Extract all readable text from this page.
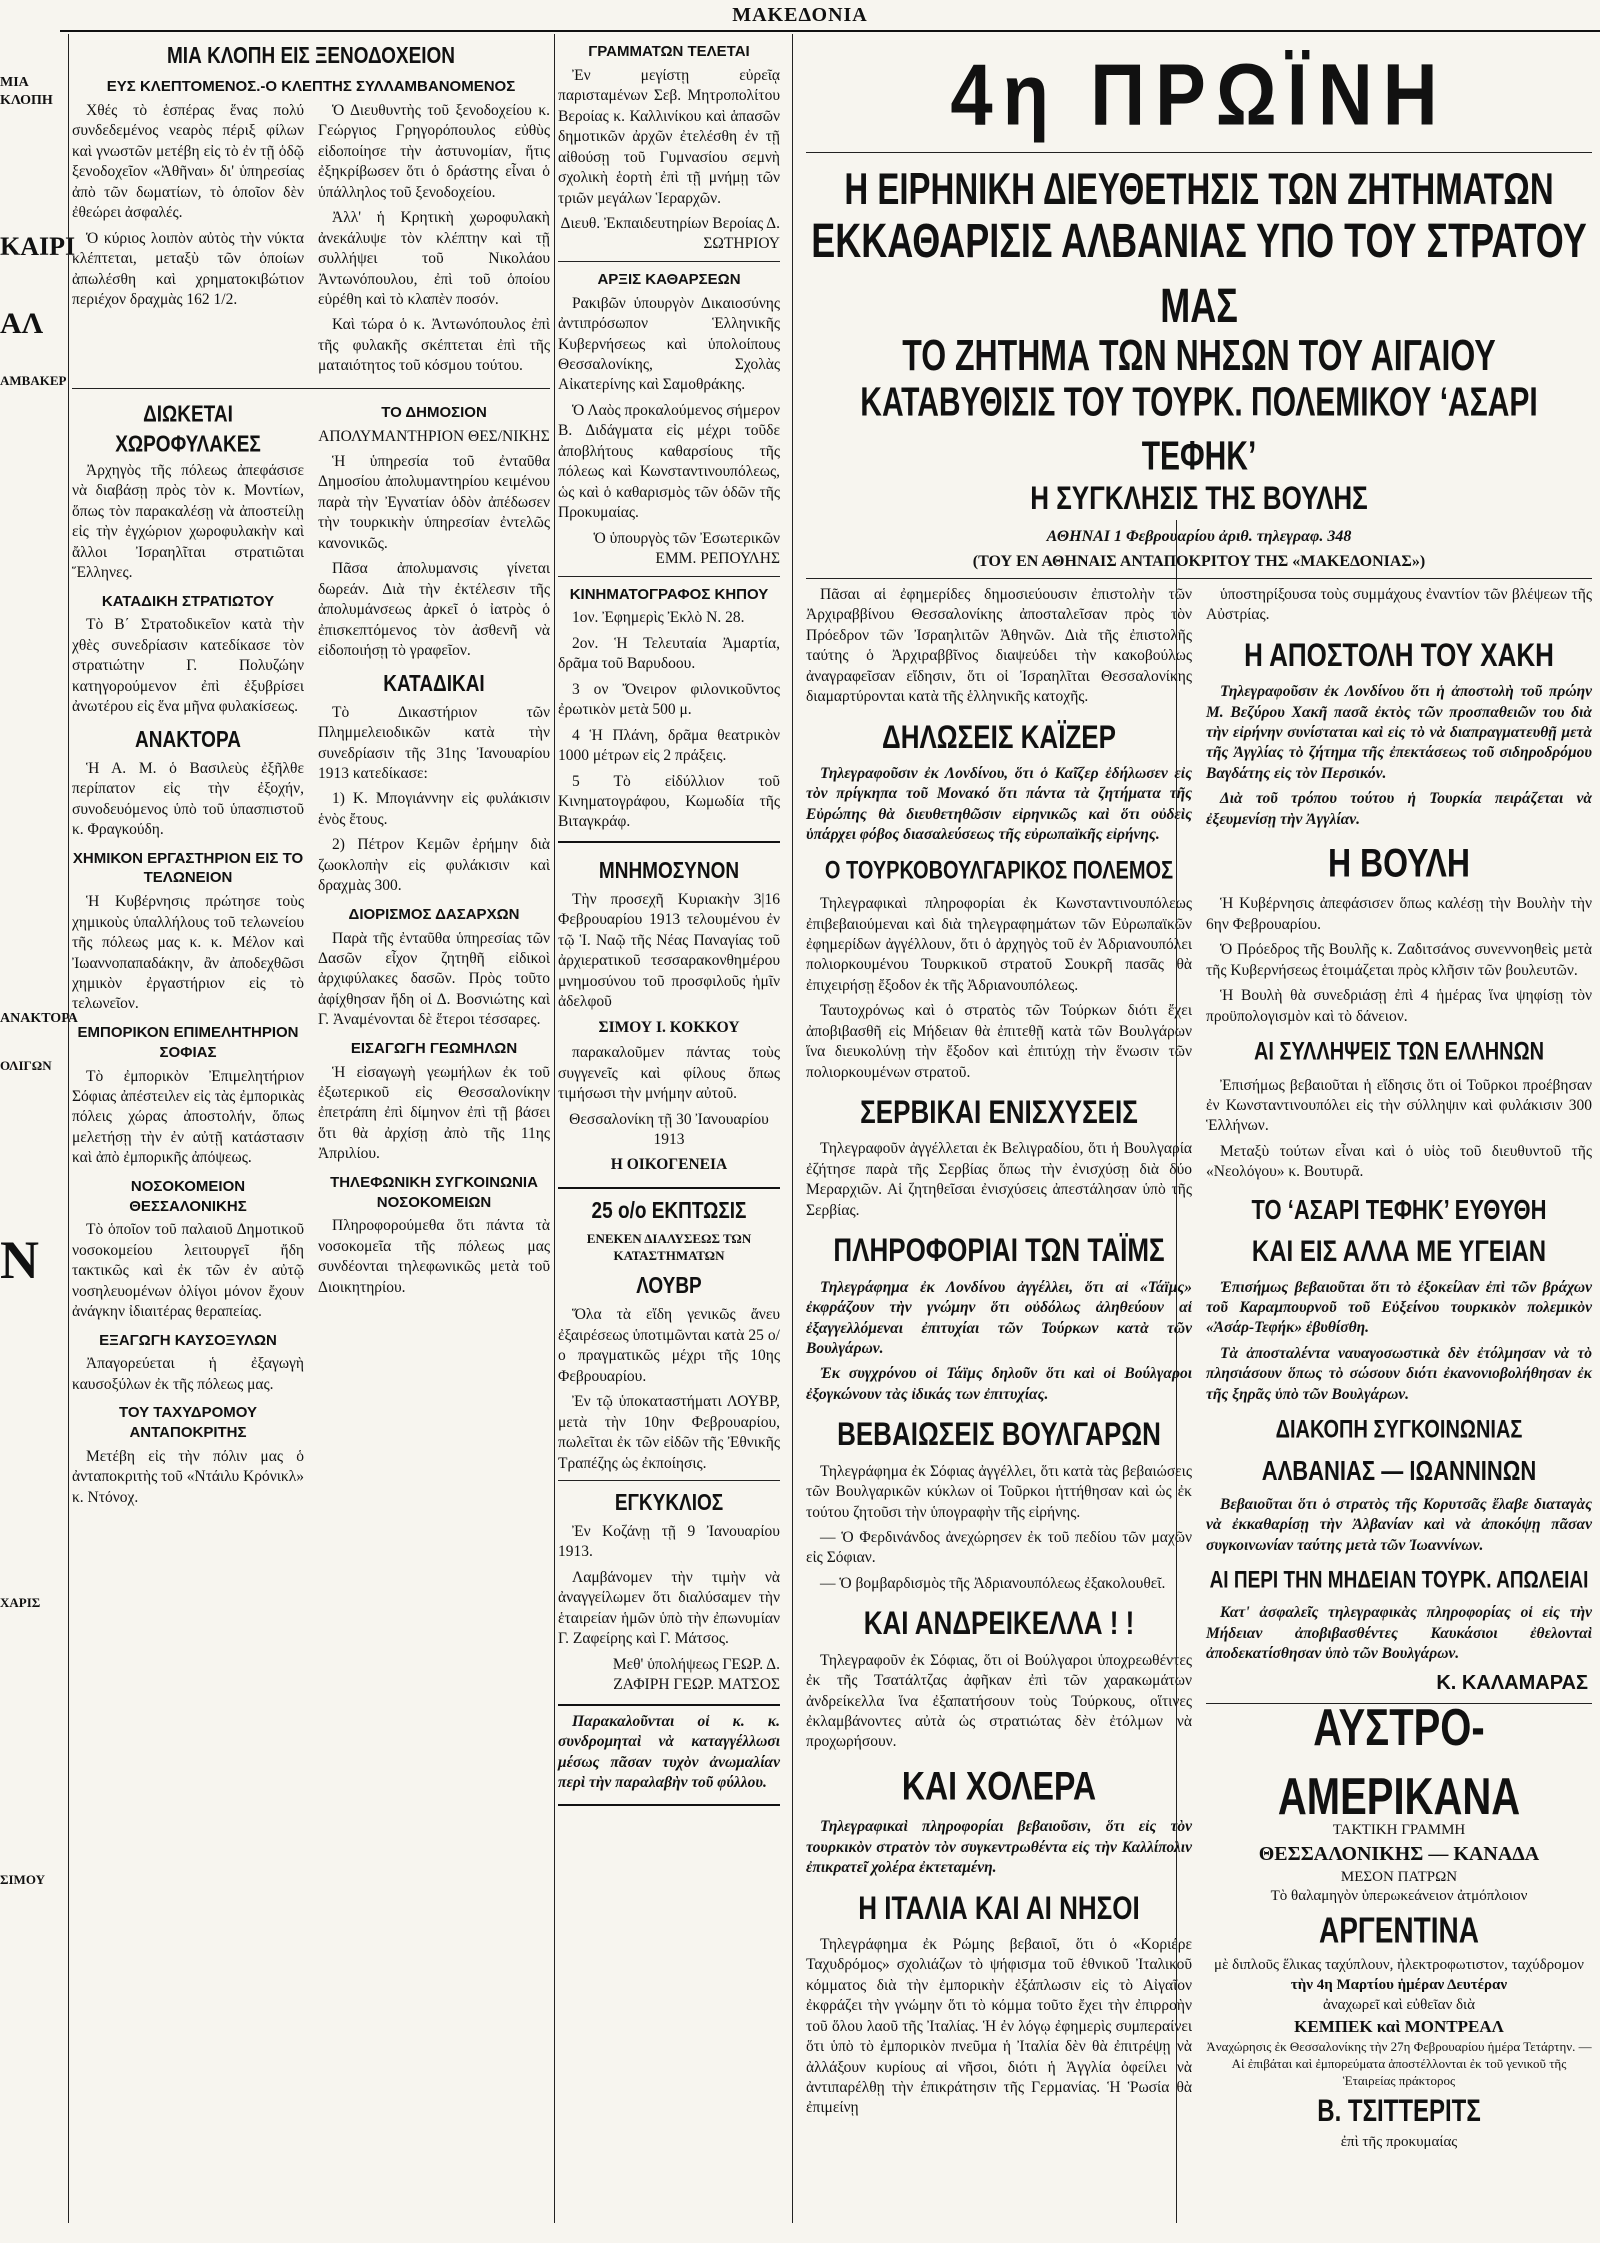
ΜΑΚΕΔΟΝΙΑ
ΜΙΑ ΚΛΟΠΗ
ΚΑΙΡΙ
ΑΛ
ΑΜΒΑΚΕΡ
ΑΝΑΚΤΟΡΑ
ΟΛΙΓΩΝ
N
ΧΑΡΙΣ
ΣΙΜΟΥ
ΜΙΑ ΚΛΟΠΗ ΕΙΣ ΞΕΝΟΔΟΧΕΙΟΝ
ΕΥΣ ΚΛΕΠΤΟΜΕΝΟΣ.-Ο ΚΛΕΠΤΗΣ ΣΥΛΛΑΜΒΑΝΟΜΕΝΟΣ

Χθές τὸ ἑσπέρας ἕνας πολύ συνδεδεμένος νεαρὸς πέριξ φίλων καὶ γνωστῶν μετέβη εἰς τὸ ἐν τῇ ὁδῷ ξενοδοχεῖον «Ἀθῆναι» δι' ὑπηρεσίας ἀπὸ τῶν δωματίων, τὸ ὁποῖον δὲν ἐθεώρει ἀσφαλές.

Ὁ κύριος λοιπὸν αὐτὸς τὴν νύκτα κλέπτεται, μεταξὺ τῶν ὁποίων ἀπωλέσθη καὶ χρηματοκιβώτιον περιέχον δραχμὰς 162 1/2.

Ὁ Διευθυντὴς τοῦ ξενοδοχείου κ. Γεώργιος Γρηγορόπουλος εὐθὺς εἰδοποίησε τὴν ἀστυνομίαν, ἥτις ἐξηκρίβωσεν ὅτι ὁ δράστης εἶναι ὁ ὑπάλληλος τοῦ ξενοδοχείου.

Ἀλλ' ἡ Κρητικὴ χωροφυλακὴ ἀνεκάλυψε τὸν κλέπτην καὶ τῇ συλλήψει τοῦ Νικολάου Ἀντωνόπουλου, ἐπὶ τοῦ ὁποίου εὑρέθη καὶ τὸ κλαπὲν ποσόν.

Καὶ τώρα ὁ κ. Ἀντωνόπουλος ἐπὶ τῆς φυλακῆς σκέπτεται ἐπὶ τῆς ματαιότητος τοῦ κόσμου τούτου.

ΔΙΩΚΕΤΑΙ ΧΩΡΟΦΥΛΑΚΕΣ

Ἀρχηγὸς τῆς πόλεως ἀπεφάσισε νὰ διαβάσῃ πρὸς τὸν κ. Μοντίων, ὅπως τὸν παρακαλέσῃ νὰ ἀποστείλῃ εἰς τὴν ἐγχώριον χωροφυλακὴν καὶ ἄλλοι Ἰσραηλῖται στρατιῶται Ἕλληνες.

ΚΑΤΑΔΙΚΗ ΣΤΡΑΤΙΩΤΟΥ

Τὸ Β΄ Στρατοδικεῖον κατὰ τὴν χθὲς συνεδρίασιν κατεδίκασε τὸν στρατιώτην Γ. Πολυζώην κατηγορούμενον ἐπὶ ἐξυβρίσει ἀνωτέρου εἰς ἕνα μῆνα φυλακίσεως.

ΑΝΑΚΤΟΡΑ

Ἡ Α. Μ. ὁ Βασιλεὺς ἐξῆλθε περίπατον εἰς τὴν ἐξοχήν, συνοδευόμενος ὑπὸ τοῦ ὑπασπιστοῦ κ. Φραγκούδη.

ΧΗΜΙΚΟΝ ΕΡΓΑΣΤΗΡΙΟΝ ΕΙΣ ΤΟ ΤΕΛΩΝΕΙΟΝ

Ἡ Κυβέρνησις πρώτησε τοὺς χημικοὺς ὑπαλλήλους τοῦ τελωνείου τῆς πόλεως μας κ. κ. Μέλον καὶ Ἰωαννοπαπαδάκην, ἂν ἀποδεχθῶσι χημικὸν ἐργαστήριον εἰς τὸ τελωνεῖον.

ΕΜΠΟΡΙΚΟΝ ΕΠΙΜΕΛΗΤΗΡΙΟΝ ΣΟΦΙΑΣ

Τὸ ἐμπορικὸν Ἐπιμελητήριον Σόφιας ἀπέστειλεν εἰς τὰς ἐμπορικὰς πόλεις χώρας ἀποστολήν, ὅπως μελετήσῃ τὴν ἐν αὐτῇ κατάστασιν καὶ ἀπὸ ἐμπορικῆς ἀπόψεως.

ΝΟΣΟΚΟΜΕΙΟΝ ΘΕΣΣΑΛΟΝΙΚΗΣ

Τὸ ὁποῖον τοῦ παλαιοῦ Δημοτικοῦ νοσοκομείου λειτουργεῖ ἤδη τακτικῶς καὶ ἐκ τῶν ἐν αὐτῷ νοσηλευομένων ὀλίγοι μόνον ἔχουν ἀνάγκην ἰδιαιτέρας θεραπείας.

ΕΞΑΓΩΓΗ ΚΑΥΣΟΞΥΛΩΝ

Ἀπαγορεύεται ἡ ἐξαγωγὴ καυσοξύλων ἐκ τῆς πόλεως μας.

ΤΟΥ ΤΑΧΥΔΡΟΜΟΥ ΑΝΤΑΠΟΚΡΙΤΗΣ

Μετέβη εἰς τὴν πόλιν μας ὁ ἀνταποκριτὴς τοῦ «Ντάιλυ Κρόνικλ» κ. Ντόνοχ.

ΤΟ ΔΗΜΟΣΙΟΝ

ΑΠΟΛΥΜΑΝΤΗΡΙΟΝ ΘΕΣ/ΝΙΚΗΣ

Ἡ ὑπηρεσία τοῦ ἐνταῦθα Δημοσίου ἀπολυμαντηρίου κειμένου παρὰ τὴν Ἐγνατίαν ὁδὸν ἀπέδωσεν τὴν τουρκικὴν ὑπηρεσίαν ἐντελῶς κανονικῶς.

Πᾶσα ἀπολυμανσις γίνεται δωρεάν. Διὰ τὴν ἐκτέλεσιν τῆς ἀπολυμάνσεως ἀρκεῖ ὁ ἰατρὸς ὁ ἐπισκεπτόμενος τὸν ἀσθενῆ νὰ εἰδοποιήσῃ τὸ γραφεῖον.

ΚΑΤΑΔΙΚΑΙ

Τὸ Δικαστήριον τῶν Πλημμελειοδικῶν κατὰ τὴν συνεδρίασιν τῆς 31ης Ἰανουαρίου 1913 κατεδίκασε:

1) Κ. Μπογιάννην εἰς φυλάκισιν ἑνὸς ἔτους.

2) Πέτρον Κεμῶν ἐρήμην διὰ ζωοκλοπὴν εἰς φυλάκισιν καὶ δραχμὰς 300.

ΔΙΟΡΙΣΜΟΣ ΔΑΣΑΡΧΩΝ

Παρὰ τῆς ἐνταῦθα ὑπηρεσίας τῶν Δασῶν εἶχον ζητηθῆ εἰδικοὶ ἀρχιφύλακες δασῶν. Πρὸς τοῦτο ἀφίχθησαν ἤδη οἱ Δ. Βοσνιώτης καὶ Γ. Ἀναμένονται δὲ ἕτεροι τέσσαρες.

ΕΙΣΑΓΩΓΗ ΓΕΩΜΗΛΩΝ

Ἡ εἰσαγωγὴ γεωμήλων ἐκ τοῦ ἐξωτερικοῦ εἰς Θεσσαλονίκην ἐπετράπη ἐπὶ δίμηνον ἐπὶ τῇ βάσει ὅτι θὰ ἀρχίσῃ ἀπὸ τῆς 11ης Ἀπριλίου.

ΤΗΛΕΦΩΝΙΚΗ ΣΥΓΚΟΙΝΩΝΙΑ ΝΟΣΟΚΟΜΕΙΩΝ

Πληροφορούμεθα ὅτι πάντα τὰ νοσοκομεῖα τῆς πόλεως μας συνδέονται τηλεφωνικῶς μετὰ τοῦ Διοικητηρίου.

ΓΡΑΜΜΑΤΩΝ ΤΕΛΕΤΑΙ

Ἐν μεγίστῃ εὐρεῖᾳ παρισταμένων Σεβ. Μητροπολίτου Βεροίας κ. Καλλινίκου καὶ ἁπασῶν δημοτικῶν ἀρχῶν ἐτελέσθη ἐν τῇ αἰθούσῃ τοῦ Γυμνασίου σεμνὴ σχολικὴ ἑορτὴ ἐπὶ τῇ μνήμῃ τῶν τριῶν μεγάλων Ἱεραρχῶν.

Διευθ. Ἐκπαιδευτηρίων Βεροίας Δ. ΣΩΤΗΡΙΟΥ

ΑΡΞΙΣ ΚΑΘΑΡΣΕΩΝ

Ρακιβῶν ὑπουργὸν Δικαιοσύνης ἀντιπρόσωπον Ἑλληνικῆς Κυβερνήσεως καὶ ὑπολοίπους Θεσσαλονίκης, Σχολὰς Αἰκατερίνης καὶ Σαμοθράκης.

Ὁ Λαὸς προκαλούμενος σήμερον Β. Διδάγματα εἰς μέχρι τοῦδε ἀποβλήτους καθαρσίους τῆς πόλεως καὶ Κωνσταντινουπόλεως, ὡς καὶ ὁ καθαρισμὸς τῶν ὁδῶν τῆς Προκυμαίας.

Ὁ ὑπουργὸς τῶν Ἐσωτερικῶν ΕΜΜ. ΡΕΠΟΥΛΗΣ

ΚΙΝΗΜΑΤΟΓΡΑΦΟΣ ΚΗΠΟΥ

1ον. Ἐφημερὶς Ἐκλὸ Ν. 28.

2ον. Ἡ Τελευταία Ἀμαρτία, δρᾶμα τοῦ Βαρυδοου.

3 ον Ὄνειρον φιλονικοῦντος ἐρωτικὸν μετὰ 500 μ.

4 Ἡ Πλάνη, δρᾶμα θεατρικὸν 1000 μέτρων εἰς 2 πράξεις.

5 Τὸ εἰδύλλιον τοῦ Κινηματογράφου, Κωμωδία τῆς Βιταγκράφ.

ΜΝΗΜΟΣΥΝΟΝ

Τὴν προσεχῆ Κυριακὴν 3|16 Φεβρουαρίου 1913 τελουμένου ἐν τῷ Ἱ. Ναῷ τῆς Νέας Παναγίας τοῦ ἀρχιερατικοῦ τεσσαρακονθημέρου μνημοσύνου τοῦ προσφιλοῦς ἡμῖν ἀδελφοῦ

ΣΙΜΟΥ Ι. ΚΟΚΚΟΥ

παρακαλοῦμεν πάντας τοὺς συγγενεῖς καὶ φίλους ὅπως τιμήσωσι τὴν μνήμην αὐτοῦ.

Θεσσαλονίκη τῇ 30 Ἰανουαρίου 1913

Η ΟΙΚΟΓΕΝΕΙΑ

25 ο/ο ΕΚΠΤΩΣΙΣ

ΕΝΕΚΕΝ ΔΙΑΛΥΣΕΩΣ ΤΩΝ ΚΑΤΑΣΤΗΜΑΤΩΝ

ΛΟΥΒΡ

Ὅλα τὰ εἴδη γενικῶς ἄνευ ἐξαιρέσεως ὑποτιμῶνται κατὰ 25 ο/ο πραγματικῶς μέχρι τῆς 10ης Φεβρουαρίου.

Ἐν τῷ ὑποκαταστήματι ΛΟΥΒΡ, μετὰ τὴν 10ην Φεβρουαρίου, πωλεῖται ἐκ τῶν εἰδῶν τῆς Ἐθνικῆς Τραπέζης ὡς ἐκποίησις.

ΕΓΚΥΚΛΙΟΣ

Ἐν Κοζάνῃ τῇ 9 Ἰανουαρίου 1913.

Λαμβάνομεν τὴν τιμὴν νὰ ἀναγγείλωμεν ὅτι διαλύσαμεν τὴν ἑταιρείαν ἡμῶν ὑπὸ τὴν ἐπωνυμίαν Γ. Ζαφείρης καὶ Γ. Μάτσος.

Μεθ' ὑπολήψεως ΓΕΩΡ. Δ. ΖΑΦΙΡΗ ΓΕΩΡ. ΜΑΤΣΟΣ

Παρακαλοῦνται οἱ κ. κ. συνδρομηταὶ νὰ καταγγέλλωσι μέσως πᾶσαν τυχὸν ἀνωμαλίαν περὶ τὴν παραλαβὴν τοῦ φύλλου.

4η ΠΡΩΪΝΗ
Η ΕΙΡΗΝΙΚΗ ΔΙΕΥΘΕΤΗΣΙΣ ΤΩΝ ΖΗΤΗΜΑΤΩΝ
ΕΚΚΑΘΑΡΙΣΙΣ ΑΛΒΑΝΙΑΣ ΥΠΟ ΤΟΥ ΣΤΡΑΤΟΥ ΜΑΣ
ΤΟ ΖΗΤΗΜΑ ΤΩΝ ΝΗΣΩΝ ΤΟΥ ΑΙΓΑΙΟΥ
ΚΑΤΑΒΥΘΙΣΙΣ ΤΟΥ ΤΟΥΡΚ. ΠΟΛΕΜΙΚΟΥ ‘ΑΣΑΡΙ ΤΕΦΗΚ’
Η ΣΥΓΚΛΗΣΙΣ ΤΗΣ ΒΟΥΛΗΣ
ΑΘΗΝΑΙ 1 Φεβρουαρίου ἀριθ. τηλεγραφ. 348
(ΤΟΥ ΕΝ ΑΘΗΝΑΙΣ ΑΝΤΑΠΟΚΡΙΤΟΥ ΤΗΣ «ΜΑΚΕΔΟΝΙΑΣ»)

Πᾶσαι αἱ ἐφημερίδες δημοσιεύουσιν ἐπιστολὴν τῶν Ἀρχιραββίνου Θεσσαλονίκης ἀποσταλεῖσαν πρὸς τὸν Πρόεδρον τῶν Ἰσραηλιτῶν Ἀθηνῶν. Διὰ τῆς ἐπιστολῆς ταύτης ὁ Ἀρχιραββῖνος διαψεύδει τὴν κακοβούλως ἀναγραφεῖσαν εἴδησιν, ὅτι οἱ Ἰσραηλῖται Θεσσαλονίκης διαμαρτύρονται κατὰ τῆς ἑλληνικῆς κατοχῆς.

ΔΗΛΩΣΕΙΣ ΚΑΪΖΕΡ

Τηλεγραφοῦσιν ἐκ Λονδίνου, ὅτι ὁ Καῖζερ ἐδήλωσεν εἰς τὸν πρίγκηπα τοῦ Μονακό ὅτι πάντα τὰ ζητήματα τῆς Εὐρώπης θὰ διευθετηθῶσιν εἰρηνικῶς καὶ ὅτι οὐδεὶς ὑπάρχει φόβος διασαλεύσεως τῆς εὐρωπαϊκῆς εἰρήνης.

Ο ΤΟΥΡΚΟΒΟΥΛΓΑΡΙΚΟΣ ΠΟΛΕΜΟΣ

Τηλεγραφικαὶ πληροφορίαι ἐκ Κωνσταντινουπόλεως ἐπιβεβαιούμεναι καὶ διὰ τηλεγραφημάτων τῶν Εὐρωπαϊκῶν ἐφημερίδων ἀγγέλλουν, ὅτι ὁ ἀρχηγὸς τοῦ ἐν Ἀδριανουπόλει πολιορκουμένου Τουρκικοῦ στρατοῦ Σουκρῆ πασᾶς θὰ ἐπιχειρήσῃ ἔξοδον ἐκ τῆς Ἀδριανουπόλεως.

Ταυτοχρόνως καὶ ὁ στρατὸς τῶν Τούρκων διότι ἔχει ἀποβιβασθῆ εἰς Μήδειαν θὰ ἐπιτεθῇ κατὰ τῶν Βουλγάρων ἵνα διευκολύνῃ τὴν ἔξοδον καὶ ἐπιτύχῃ τὴν ἕνωσιν τῶν πολιορκουμένων στρατοῦ.

ΣΕΡΒΙΚΑΙ ΕΝΙΣΧΥΣΕΙΣ

Τηλεγραφοῦν ἀγγέλλεται ἐκ Βελιγραδίου, ὅτι ἡ Βουλγαρία ἐζήτησε παρὰ τῆς Σερβίας ὅπως τὴν ἐνισχύσῃ διὰ δύο Μεραρχιῶν. Αἱ ζητηθεῖσαι ἐνισχύσεις ἀπεστάλησαν ὑπὸ τῆς Σερβίας.

ΠΛΗΡΟΦΟΡΙΑΙ ΤΩΝ ΤΑΪΜΣ

Τηλεγράφημα ἐκ Λονδίνου ἀγγέλλει, ὅτι αἱ «Τάϊμς» ἐκφράζουν τὴν γνώμην ὅτι οὐδόλως ἀληθεύουν αἱ ἐξαγγελλόμεναι ἐπιτυχίαι τῶν Τούρκων κατὰ τῶν Βουλγάρων.

Ἐκ συγχρόνου οἱ Τάϊμς δηλοῦν ὅτι καὶ οἱ Βούλγαροι ἐξογκώνουν τὰς ἰδικάς των ἐπιτυχίας.

ΒΕΒΑΙΩΣΕΙΣ ΒΟΥΛΓΑΡΩΝ

Τηλεγράφημα ἐκ Σόφιας ἀγγέλλει, ὅτι κατὰ τὰς βεβαιώσεις τῶν Βουλγαρικῶν κύκλων οἱ Τοῦρκοι ἡττήθησαν καὶ ὡς ἐκ τούτου ζητοῦσι τὴν ὑπογραφὴν τῆς εἰρήνης.

— Ὁ Φερδινάνδος ἀνεχώρησεν ἐκ τοῦ πεδίου τῶν μαχῶν εἰς Σόφιαν.

— Ὁ βομβαρδισμὸς τῆς Ἀδριανουπόλεως ἐξακολουθεῖ.

ΚΑΙ ΑΝΔΡΕΙΚΕΛΛΑ ! !

Τηλεγραφοῦν ἐκ Σόφιας, ὅτι οἱ Βούλγαροι ὑποχρεωθέντες ἐκ τῆς Τσατάλτζας ἀφῆκαν ἐπὶ τῶν χαρακωμάτων ἀνδρείκελλα ἵνα ἐξαπατήσουν τοὺς Τούρκους, οἵτινες ἐκλαμβάνοντες αὐτὰ ὡς στρατιώτας δὲν ἐτόλμων νὰ προχωρήσουν.

ΚΑΙ ΧΟΛΕΡΑ

Τηλεγραφικαὶ πληροφορίαι βεβαιοῦσιν, ὅτι εἰς τὸν τουρκικὸν στρατὸν τὸν συγκεντρωθέντα εἰς τὴν Καλλίπολιν ἐπικρατεῖ χολέρα ἐκτεταμένη.

Η ΙΤΑΛΙΑ ΚΑΙ ΑΙ ΝΗΣΟΙ

Τηλεγράφημα ἐκ Ρώμης βεβαιοῖ, ὅτι ὁ «Κοριέρε Ταχυδρόμος» σχολιάζων τὸ ψήφισμα τοῦ ἑθνικοῦ Ἰταλικοῦ κόμματος διὰ τὴν ἐμπορικὴν ἐξάπλωσιν εἰς τὸ Αἰγαῖον ἐκφράζει τὴν γνώμην ὅτι τὸ κόμμα τοῦτο ἔχει τὴν ἐπιρροὴν τοῦ ὅλου λαοῦ τῆς Ἰταλίας. Ἡ ἐν λόγῳ ἐφημερὶς συμπεραίνει ὅτι ὑπὸ τὸ ἐμπορικὸν πνεῦμα ἡ Ἰταλία δὲν θὰ ἐπιτρέψῃ νὰ ἀλλάξουν κυρίους αἱ νῆσοι, διότι ἡ Ἀγγλία ὀφείλει νὰ ἀντιπαρέλθῃ τὴν ἐπικράτησιν τῆς Γερμανίας. Ἡ Ῥωσία θὰ ἐπιμείνῃ

ὑποστηρίξουσα τοὺς συμμάχους ἐναντίον τῶν βλέψεων τῆς Αὐστρίας.

Η ΑΠΟΣΤΟΛΗ ΤΟΥ ΧΑΚΗ

Τηλεγραφοῦσιν ἐκ Λονδίνου ὅτι ἡ ἀποστολὴ τοῦ πρώην Μ. Βεζύρου Χακῆ πασᾶ ἐκτὸς τῶν προσπαθειῶν του διὰ τὴν εἰρήνην συνίσταται καὶ εἰς τὸ νὰ διαπραγματευθῇ μετὰ τῆς Ἀγγλίας τὸ ζήτημα τῆς ἐπεκτάσεως τοῦ σιδηροδρόμου Βαγδάτης εἰς τὸν Περσικόν.

Διὰ τοῦ τρόπου τούτου ἡ Τουρκία πειράζεται νὰ ἐξευμενίσῃ τὴν Ἀγγλίαν.

Η ΒΟΥΛΗ

Ἡ Κυβέρνησις ἀπεφάσισεν ὅπως καλέσῃ τὴν Βουλὴν τὴν 6ην Φεβρουαρίου.

Ὁ Πρόεδρος τῆς Βουλῆς κ. Ζαδιτσάνος συνεννοηθεὶς μετὰ τῆς Κυβερνήσεως ἑτοιμάζεται πρὸς κλῆσιν τῶν βουλευτῶν.

Ἡ Βουλὴ θὰ συνεδριάσῃ ἐπὶ 4 ἡμέρας ἵνα ψηφίσῃ τὸν προϋπολογισμὸν καὶ τὸ δάνειον.

ΑΙ ΣΥΛΛΗΨΕΙΣ ΤΩΝ ΕΛΛΗΝΩΝ

Ἐπισήμως βεβαιοῦται ἡ εἴδησις ὅτι οἱ Τοῦρκοι προέβησαν ἐν Κωνσταντινουπόλει εἰς τὴν σύλληψιν καὶ φυλάκισιν 300 Ἑλλήνων.

Μεταξὺ τούτων εἶναι καὶ ὁ υἱὸς τοῦ διευθυντοῦ τῆς «Νεολόγου» κ. Βουτυρᾶ.

ΤΟ ‘ΑΣΑΡΙ ΤΕΦΗΚ’ ΕΥΘΥΘΗ
ΚΑΙ ΕΙΣ ΑΛΛΑ ΜΕ ΥΓΕΙΑΝ

Ἐπισήμως βεβαιοῦται ὅτι τὸ ἐξοκείλαν ἐπὶ τῶν βράχων τοῦ Καραμπουρνοῦ τοῦ Εὐξείνου τουρκικὸν πολεμικὸν «Ἀσάρ-Τεφήκ» ἐβυθίσθη.

Τὰ ἀποσταλέντα ναυαγοσωστικὰ δὲν ἐτόλμησαν νὰ τὸ πλησιάσουν ὅπως τὸ σώσουν διότι ἐκανονιοβολήθησαν ἐκ τῆς ξηρᾶς ὑπὸ τῶν Βουλγάρων.

ΔΙΑΚΟΠΗ ΣΥΓΚΟΙΝΩΝΙΑΣ
ΑΛΒΑΝΙΑΣ — ΙΩΑΝΝΙΝΩΝ

Βεβαιοῦται ὅτι ὁ στρατὸς τῆς Κορυτσᾶς ἔλαβε διαταγὰς νὰ ἐκκαθαρίσῃ τὴν Ἀλβανίαν καὶ νὰ ἀποκόψῃ πᾶσαν συγκοινωνίαν ταύτης μετὰ τῶν Ἰωαννίνων.

ΑΙ ΠΕΡΙ ΤΗΝ ΜΗΔΕΙΑΝ ΤΟΥΡΚ. ΑΠΩΛΕΙΑΙ

Κατ' ἀσφαλεῖς τηλεγραφικὰς πληροφορίας οἱ εἰς τὴν Μήδειαν ἀποβιβασθέντες Καυκάσιοι ἐθελονταὶ ἀποδεκατίσθησαν ὑπὸ τῶν Βουλγάρων.

Κ. ΚΑΛΑΜΑΡΑΣ
ΑΥΣΤΡΟ-ΑΜΕΡΙΚΑΝΑ
ΤΑΚΤΙΚΗ ΓΡΑΜΜΗ
ΘΕΣΣΑΛΟΝΙΚΗΣ — ΚΑΝΑΔΑ
ΜΕΣΟΝ ΠΑΤΡΩΝ
Τὸ θαλαμηγὸν ὑπερωκεάνειον ἀτμόπλοιον
ΑΡΓΕΝΤΙΝΑ
μὲ διπλοῦς ἕλικας ταχύπλουν, ἠλεκτροφωτιστον, ταχύδρομον
τὴν 4η Μαρτίου ἡμέραν Δευτέραν
ἀναχωρεῖ καὶ εὐθεῖαν διὰ
ΚΕΜΠΕΚ καὶ ΜΟΝΤΡΕΑΛ
Ἀναχώρησις ἐκ Θεσσαλονίκης τὴν 27η Φεβρουαρίου ἡμέρα Τετάρτην. — Αἱ ἐπιβάται καὶ ἐμπορεύματα ἀποστέλλονται ἐκ τοῦ γενικοῦ τῆς Ἑταιρείας πράκτορος
Β. ΤΣΙΤΤΕΡΙΤΣ
ἐπὶ τῆς προκυμαίας
